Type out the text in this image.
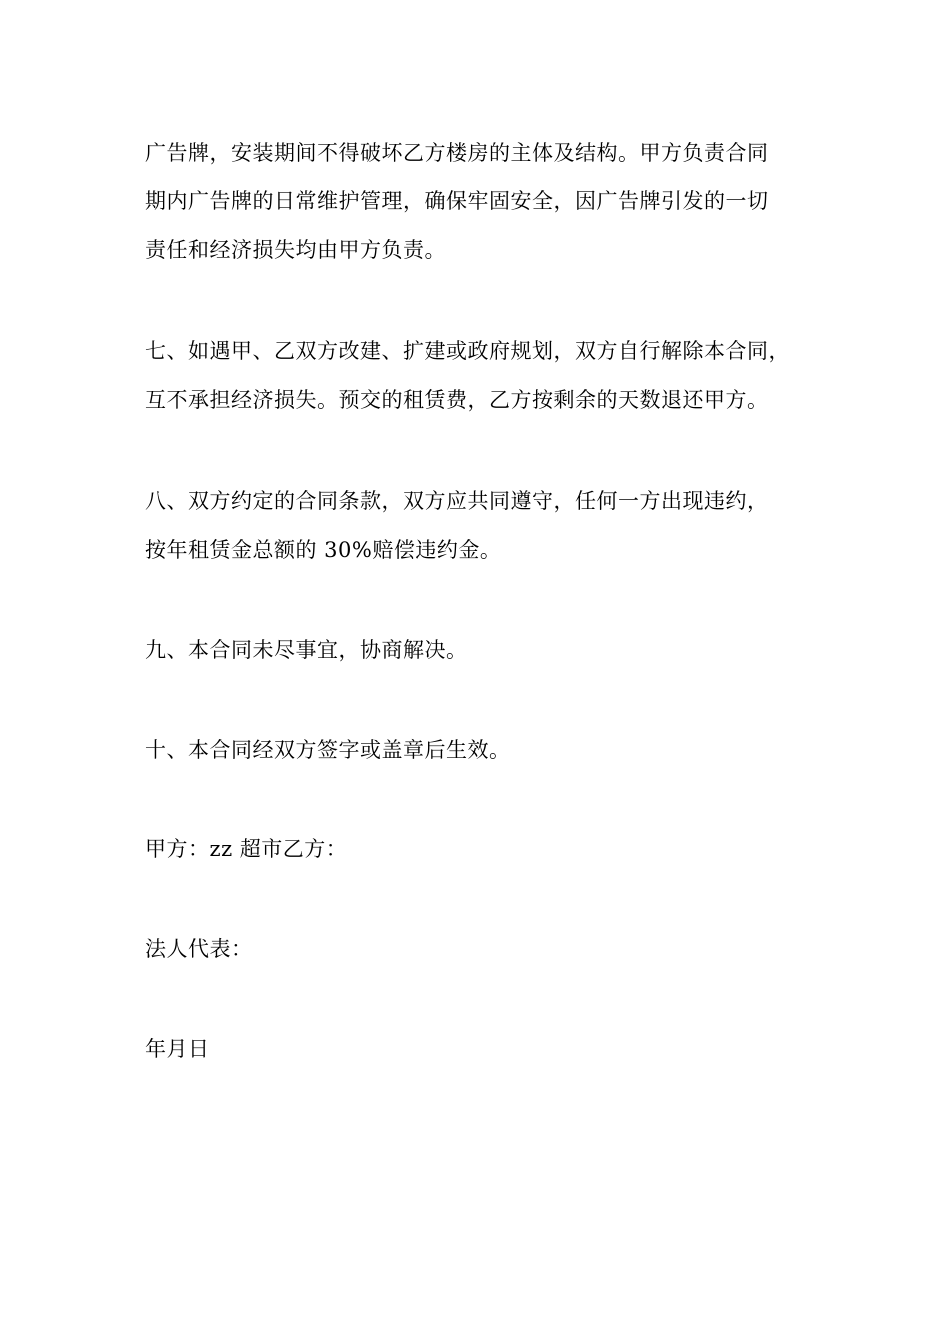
广告牌，安装期间不得破坏乙方楼房的主体及结构。甲方负责合同
期内广告牌的日常维护管理，确保牢固安全，因广告牌引发的一切
责任和经济损失均由甲方负责。
七、如遇甲、乙双方改建、扩建或政府规划，双方自行解除本合同，
互不承担经济损失。预交的租赁费，乙方按剩余的天数退还甲方。
八、双方约定的合同条款，双方应共同遵守，任何一方出现违约，
按年租赁金总额的 30%赔偿违约金。
九、本合同未尽事宜，协商解决。
十、本合同经双方签字或盖章后生效。
甲方：zz 超市乙方：
法人代表：
年月日
